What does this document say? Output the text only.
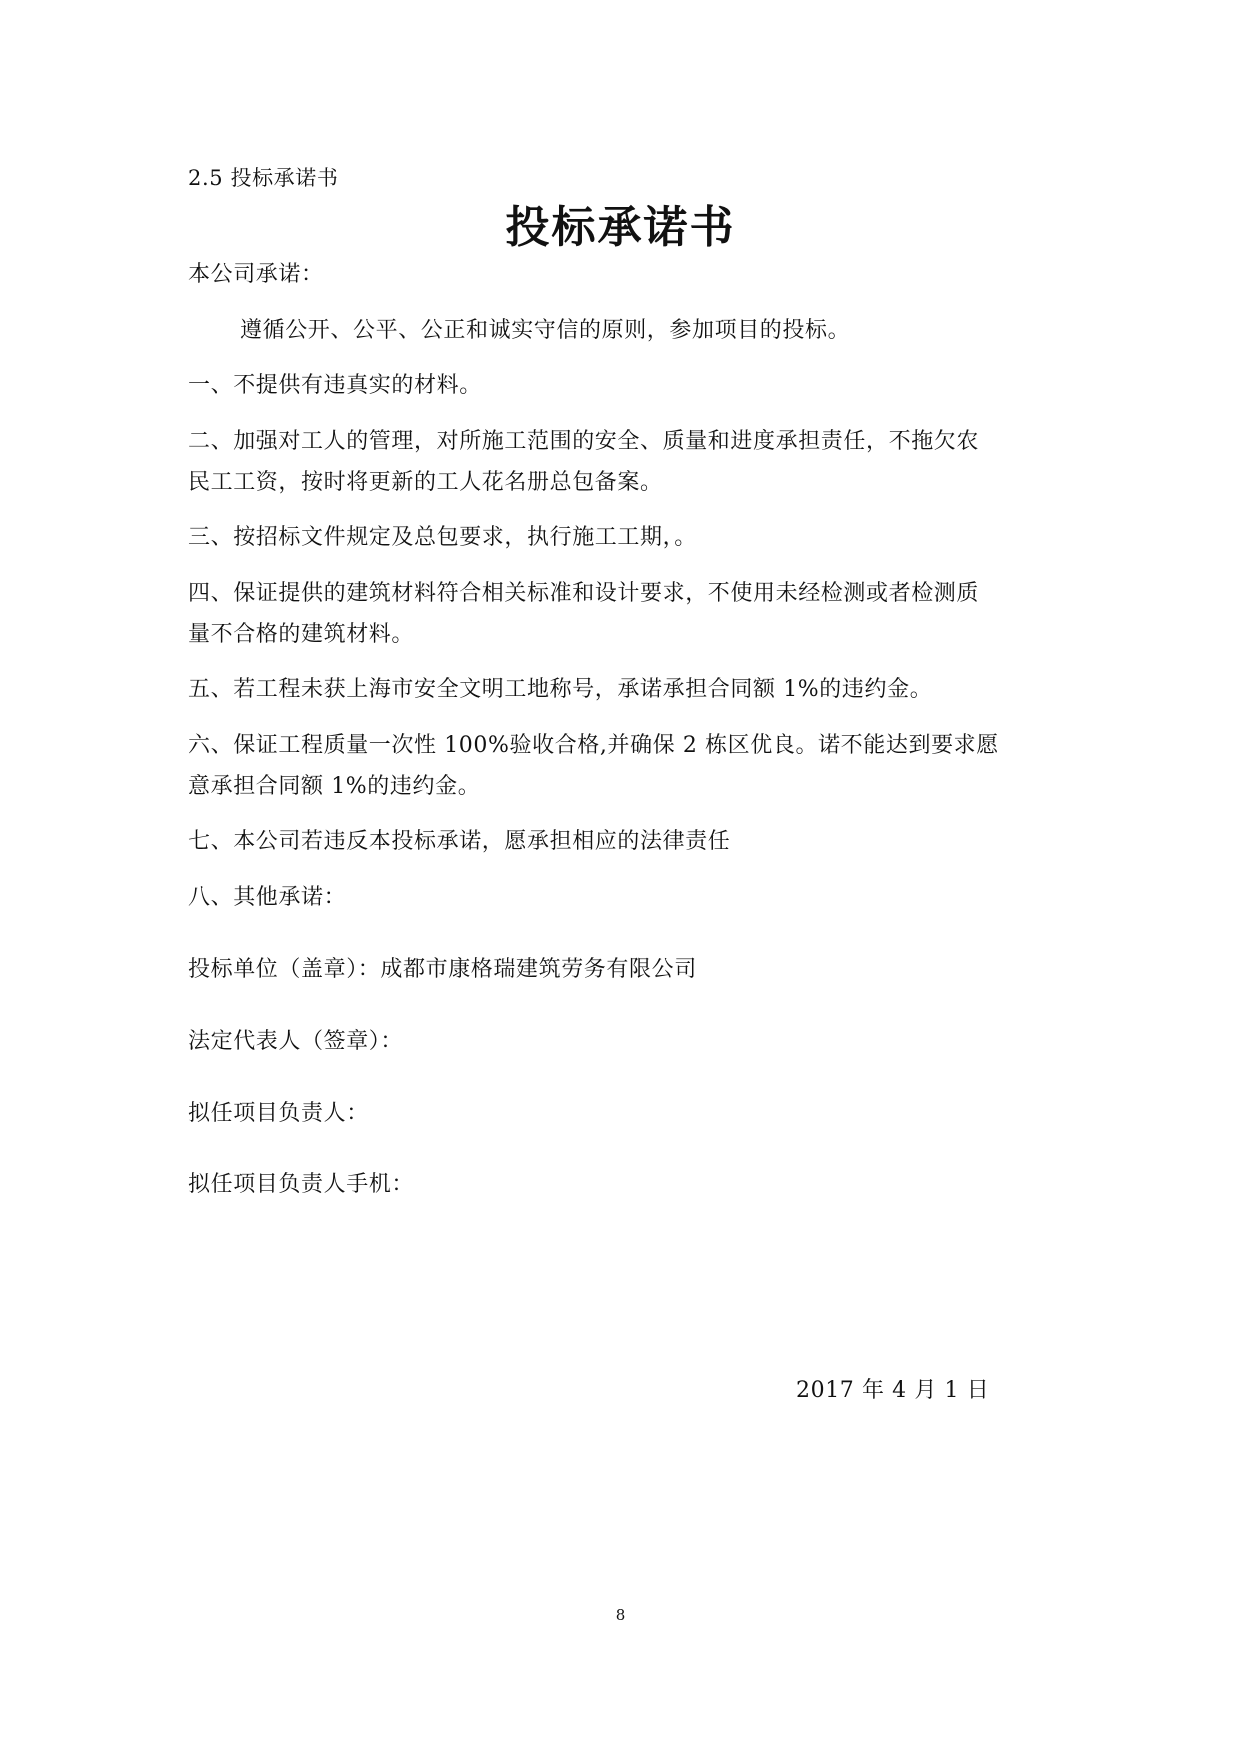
2.5 投标承诺书
投标承诺书
本公司承诺：
遵循公开、公平、公正和诚实守信的原则，参加项目的投标。
一、不提供有违真实的材料。
二、加强对工人的管理，对所施工范围的安全、质量和进度承担责任，不拖欠农
民工工资，按时将更新的工人花名册总包备案。
三、按招标文件规定及总包要求，执行施工工期，。
四、保证提供的建筑材料符合相关标准和设计要求，不使用未经检测或者检测质
量不合格的建筑材料。
五、若工程未获上海市安全文明工地称号，承诺承担合同额 1%的违约金。
六、保证工程质量一次性 100%验收合格,并确保 2 栋区优良。诺不能达到要求愿
意承担合同额 1%的违约金。
七、本公司若违反本投标承诺，愿承担相应的法律责任
八、其他承诺：
投标单位（盖章）：成都市康格瑞建筑劳务有限公司
法定代表人（签章）：
拟任项目负责人：
拟任项目负责人手机：
2017 年 4 月 1 日
8
